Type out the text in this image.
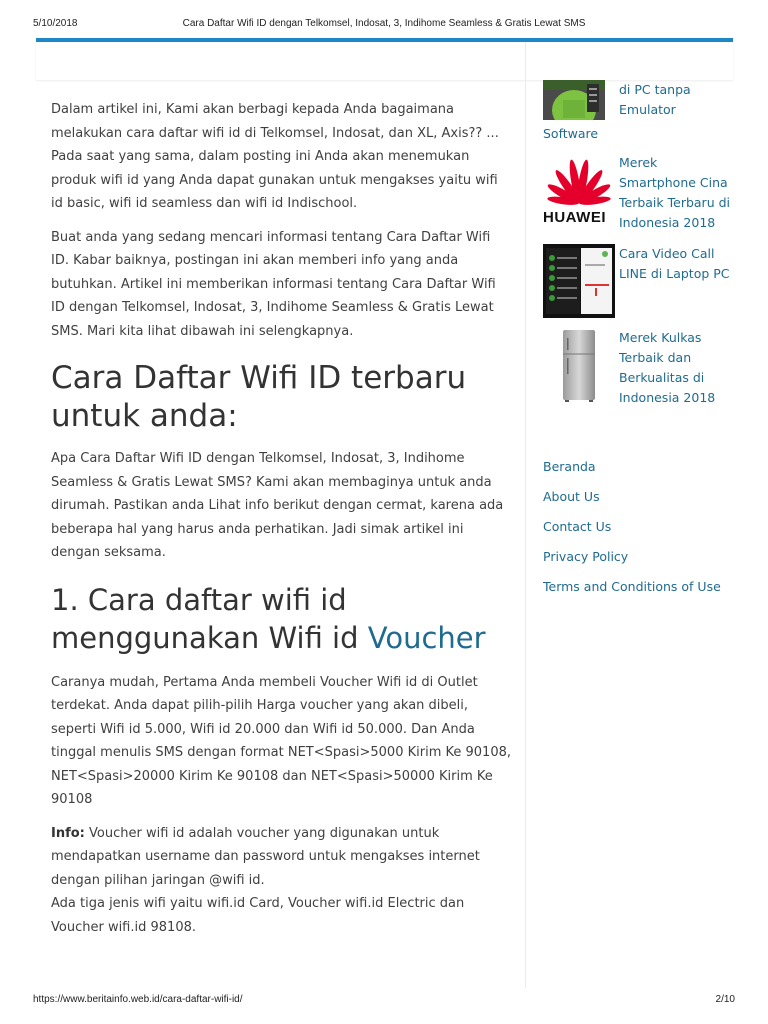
5/10/2018	Cara Daftar Wifi ID dengan Telkomsel, Indosat, 3, Indihome Seamless & Gratis Lewat SMS

Dalam artikel ini, Kami akan berbagi kepada Anda bagaimana melakukan cara daftar wifi id di Telkomsel, Indosat, dan XL, Axis?? ... Pada saat yang sama, dalam posting ini Anda akan menemukan produk wifi id yang Anda dapat gunakan untuk mengakses yaitu wifi id basic, wifi id seamless dan wifi id Indischool.

Buat anda yang sedang mencari informasi tentang Cara Daftar Wifi ID. Kabar baiknya, postingan ini akan memberi info yang anda butuhkan. Artikel ini memberikan informasi tentang Cara Daftar Wifi ID dengan Telkomsel, Indosat, 3, Indihome Seamless & Gratis Lewat SMS. Mari kita lihat dibawah ini selengkapnya.

Cara Daftar Wifi ID terbaru untuk anda:

Apa Cara Daftar Wifi ID dengan Telkomsel, Indosat, 3, Indihome Seamless & Gratis Lewat SMS? Kami akan membaginya untuk anda dirumah. Pastikan anda Lihat info berikut dengan cermat, karena ada beberapa hal yang harus anda perhatikan. Jadi simak artikel ini dengan seksama.

1. Cara daftar wifi id menggunakan Wifi id Voucher

Caranya mudah, Pertama Anda membeli Voucher Wifi id di Outlet terdekat. Anda dapat pilih-pilih Harga voucher yang akan dibeli, seperti Wifi id 5.000, Wifi id 20.000 dan Wifi id 50.000. Dan Anda tinggal menulis SMS dengan format NET<Spasi>5000 Kirim Ke 90108, NET<Spasi>20000 Kirim Ke 90108 dan NET<Spasi>50000 Kirim Ke 90108

Info: Voucher wifi id adalah voucher yang digunakan untuk mendapatkan username dan password untuk mengakses internet dengan pilihan jaringan @wifi id.
Ada tiga jenis wifi yaitu wifi.id Card, Voucher wifi.id Electric dan Voucher wifi.id 98108.

di PC tanpa Emulator
Software
HUAWEI
Merek Smartphone Cina Terbaik Terbaru di Indonesia 2018
Cara Video Call LINE di Laptop PC
Merek Kulkas Terbaik dan Berkualitas di Indonesia 2018
Beranda
About Us
Contact Us
Privacy Policy
Terms and Conditions of Use
https://www.beritainfo.web.id/cara-daftar-wifi-id/	2/10
